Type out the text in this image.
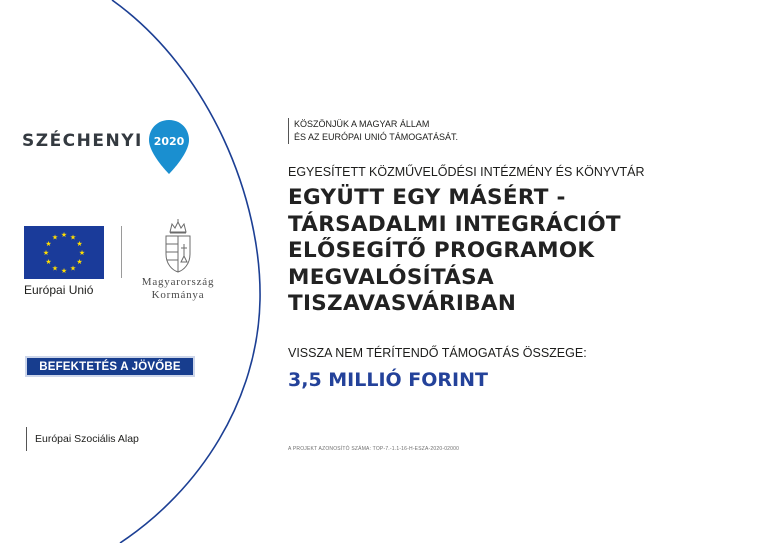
SZÉCHENYI 2020
★ ★
★
★
★
★
★
★
★
★
★
★
Európai Unió
Magyarország
Kormánya
BEFEKTETÉS A JÖVŐBE
Európai Szociális Alap
KÖSZÖNJÜK A MAGYAR ÁLLAM
ÉS AZ EURÓPAI UNIÓ TÁMOGATÁSÁT.
EGYESÍTETT KÖZMŰVELŐDÉSI INTÉZMÉNY ÉS KÖNYVTÁR
EGYÜTT EGY MÁSÉRT -
TÁRSADALMI INTEGRÁCIÓT
ELŐSEGÍTŐ PROGRAMOK
MEGVALÓSÍTÁSA
TISZAVASVÁRIBAN
VISSZA NEM TÉRÍTENDŐ TÁMOGATÁS ÖSSZEGE:
3,5 MILLIÓ FORINT
A PROJEKT AZONOSÍTÓ SZÁMA: TOP-7.-1.1-16-H-ESZA-2020-02000
